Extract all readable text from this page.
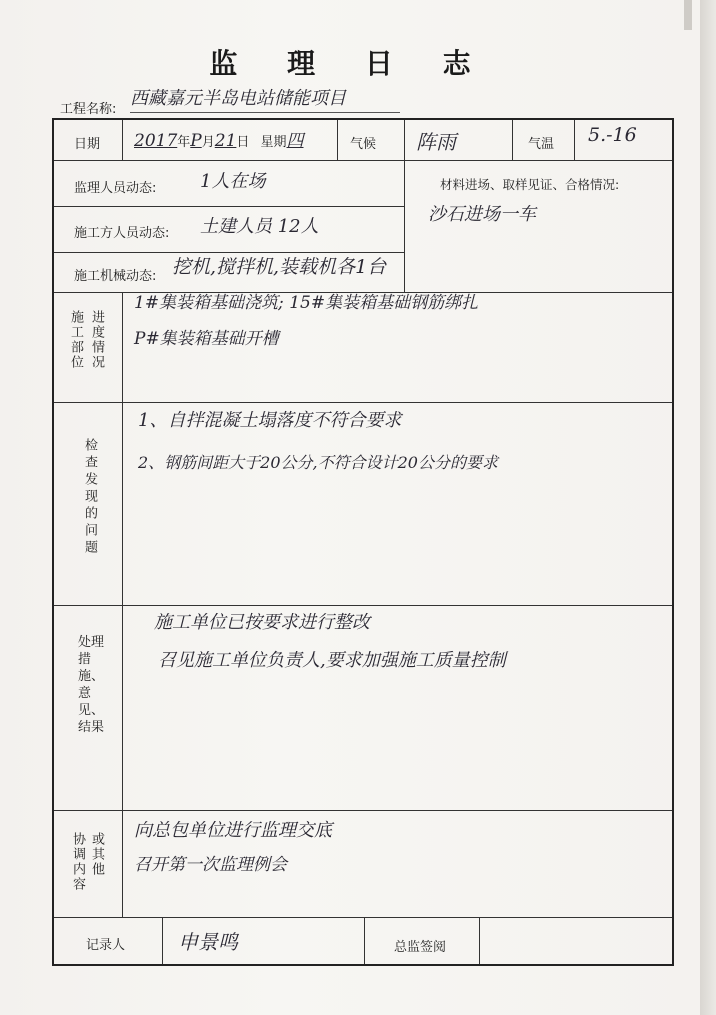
监 理 日 志
工程名称:
西藏嘉元半岛电站储能项目
日期 2017年P月21日 星期四	气候 阵雨	气温 5.-16
监理人员动态: 1人在场	材料进场、取样见证、合格情况:
沙石进场一车
施工方人员动态: 土建人员 12人
施工机械动态: 挖机,搅拌机,装载机各1台
施工部位 进度情况
1#集装箱基础浇筑; 15#集装箱基础钢筋绑扎
P#集装箱基础开槽
检查发现的问题
1、自拌混凝土塌落度不符合要求
2、钢筋间距大于20公分,不符合设计20公分的要求
处理措施、意见、结果
施工单位已按要求进行整改
召见施工单位负责人,要求加强施工质量控制
协调内容 或其他
向总包单位进行监理交底
召开第一次监理例会
记录人	申景鸣	总监签阅
